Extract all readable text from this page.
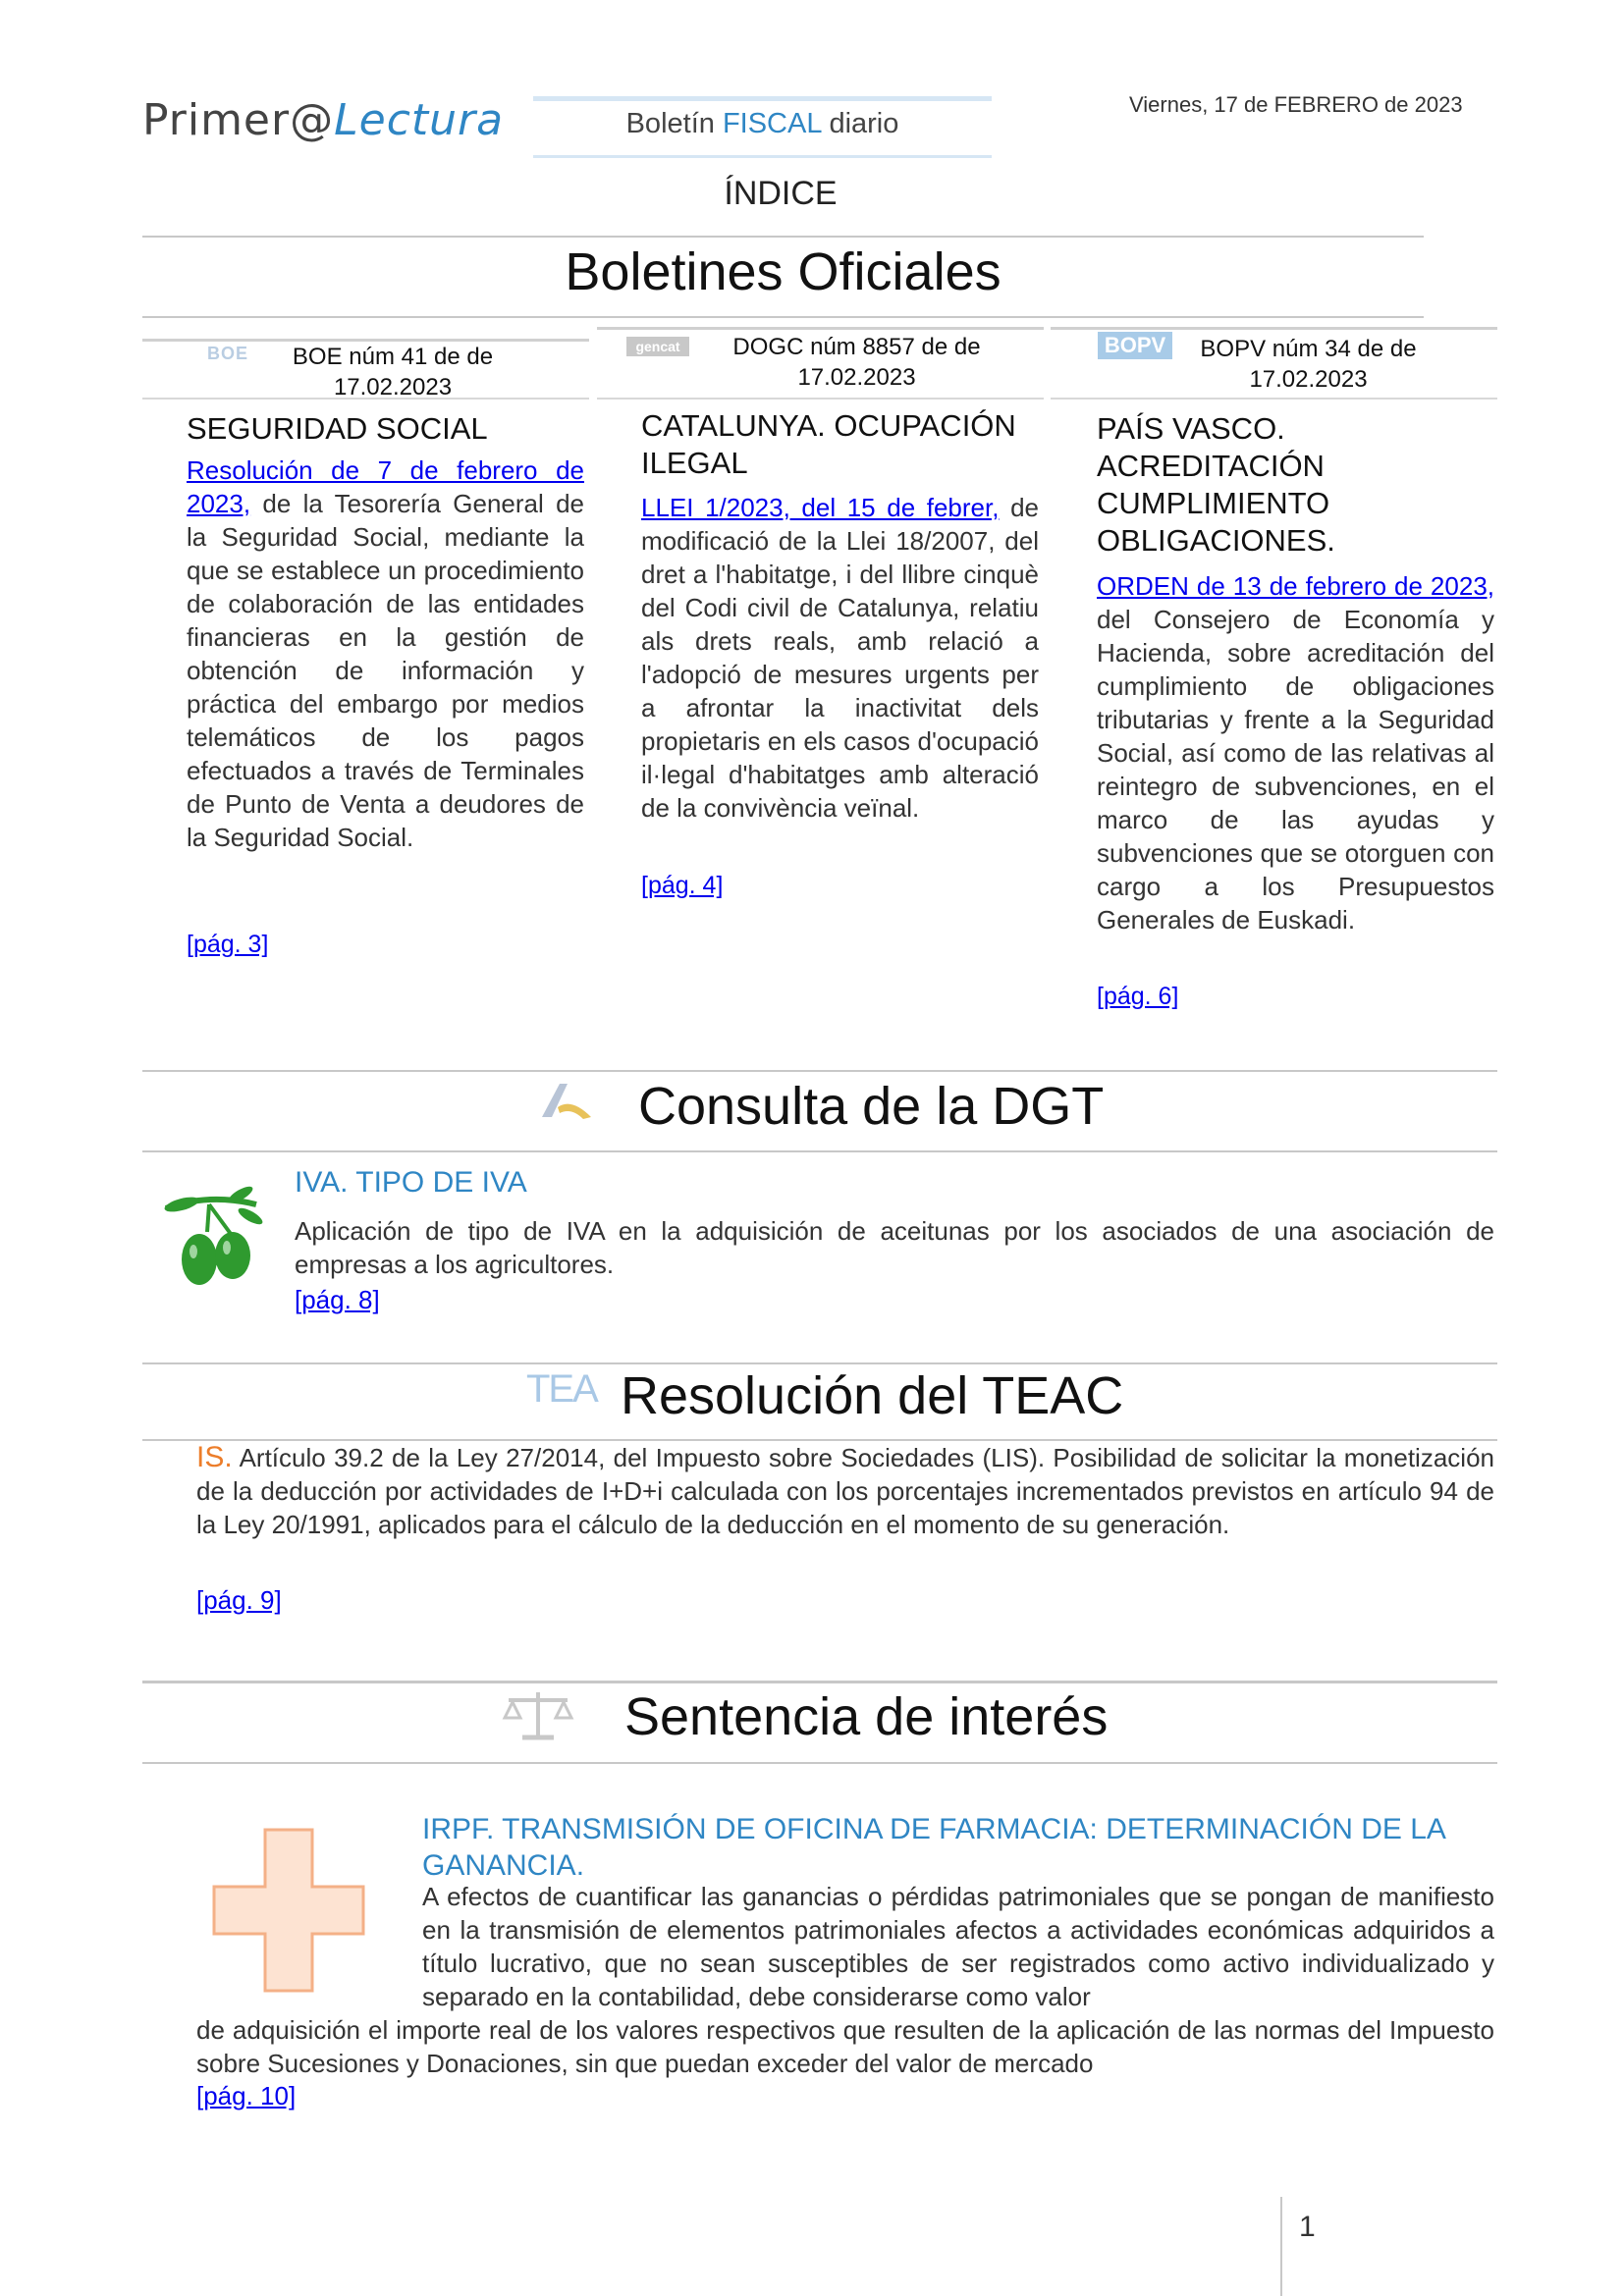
Primer@Lectura	Boletín FISCAL diario
Viernes, 17 de FEBRERO de 2023
ÍNDICE
Boletines Oficiales
BOE	BOE núm 41 de de
17.02.2023
SEGURIDAD SOCIAL
Resolución de 7 de febrero de 2023, de la Tesorería General de la Seguridad Social, mediante la que se establece un procedimiento de colaboración de las entidades financieras en la gestión de obtención de información y práctica del embargo por medios telemáticos de los pagos efectuados a través de Terminales de Punto de Venta a deudores de la Seguridad Social.
[pág. 3]
gencat	DOGC núm 8857 de de
17.02.2023
CATALUNYA. OCUPACIÓN ILEGAL
LLEI 1/2023, del 15 de febrer, de modificació de la Llei 18/2007, del dret a l'habitatge, i del llibre cinquè del Codi civil de Catalunya, relatiu als drets reals, amb relació a l'adopció de mesures urgents per a afrontar la inactivitat dels propietaris en els casos d'ocupació il·legal d'habitatges amb alteració de la convivència veïnal.
[pág. 4]
BOPV	BOPV núm 34 de de
17.02.2023
PAÍS VASCO. ACREDITACIÓN CUMPLIMIENTO OBLIGACIONES.
ORDEN de 13 de febrero de 2023, del Consejero de Economía y Hacienda, sobre acreditación del cumplimiento de obligaciones tributarias y frente a la Seguridad Social, así como de las relativas al reintegro de subvenciones, en el marco de las ayudas y subvenciones que se otorguen con cargo a los Presupuestos Generales de Euskadi.
[pág. 6]
Consulta de la DGT
IVA. TIPO DE IVA
Aplicación de tipo de IVA en la adquisición de aceitunas por los asociados de una asociación de empresas a los agricultores.
[pág. 8]
TEA Resolución del TEAC
IS. Artículo 39.2 de la Ley 27/2014, del Impuesto sobre Sociedades (LIS). Posibilidad de solicitar la monetización de la deducción por actividades de I+D+i calculada con los porcentajes incrementados previstos en artículo 94 de la Ley 20/1991, aplicados para el cálculo de la deducción en el momento de su generación.
[pág. 9]
Sentencia de interés
IRPF. TRANSMISIÓN DE OFICINA DE FARMACIA: DETERMINACIÓN DE LA GANANCIA.
A efectos de cuantificar las ganancias o pérdidas patrimoniales que se pongan de manifiesto en la transmisión de elementos patrimoniales afectos a actividades económicas adquiridos a título lucrativo, que no sean susceptibles de ser registrados como activo individualizado y separado en la contabilidad, debe considerarse como valor
de adquisición el importe real de los valores respectivos que resulten de la aplicación de las normas del Impuesto sobre Sucesiones y Donaciones, sin que puedan exceder del valor de mercado
[pág. 10]
1
